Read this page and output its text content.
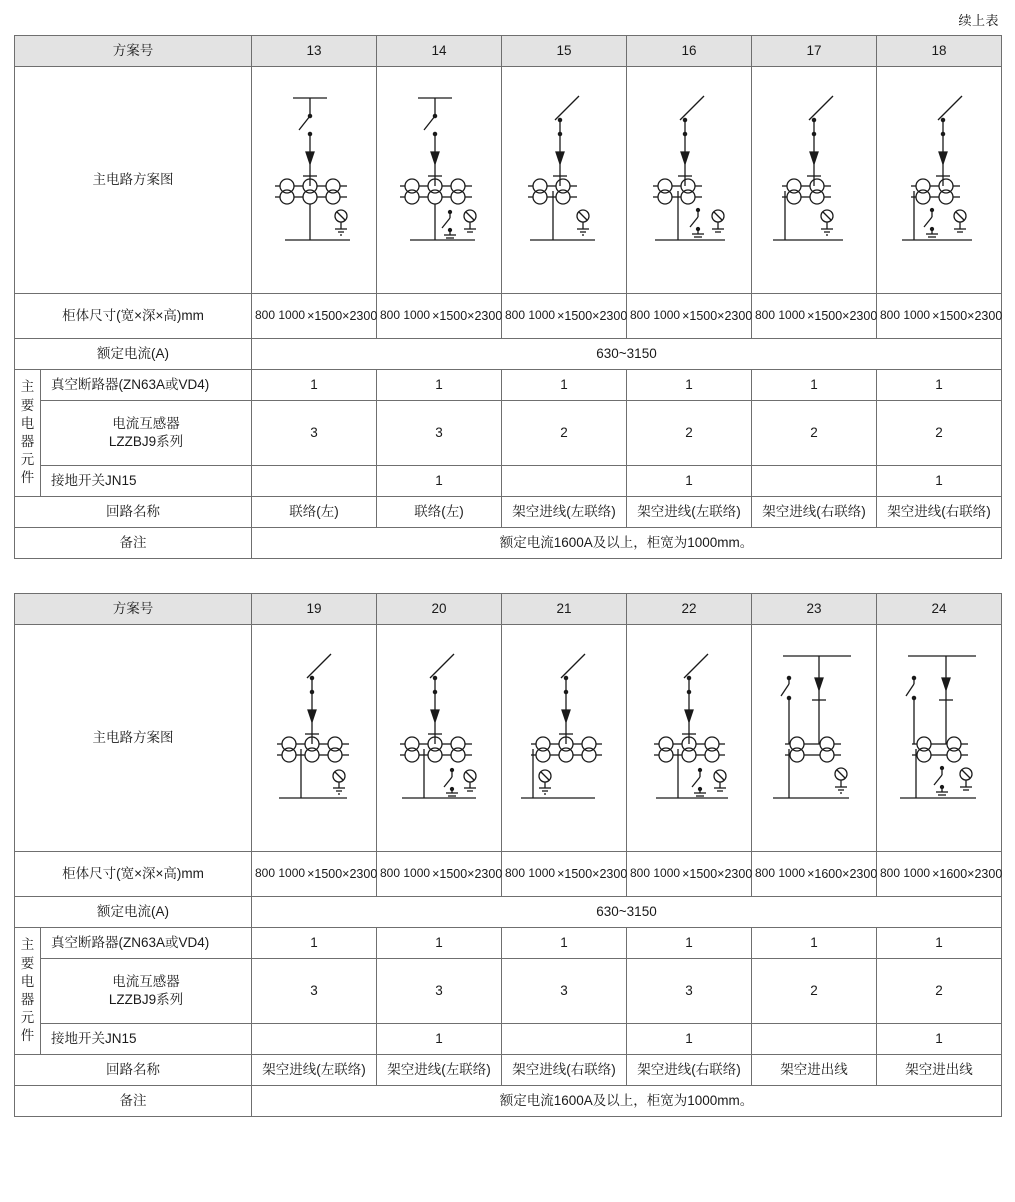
续上表
方案号		13	14	15	16	17	18
主电路方案图	

柜体尺寸(宽×深×高)mm		800 1000 ×1500×2300	800 1000 ×1500×2300	800 1000 ×1500×2300	800 1000 ×1500×2300	800 1000 ×1500×2300	800 1000 ×1500×2300
额定电流(A)		630~3150					

主
要
电
器
元
件
	真空断路器(ZN63A或VD4)	1	1	1	1	1	1

	电流互感器
LZZBJ9系列	3	3	2	2	2	2
	接地开关JN15		1		1		1
回路名称		联络(左)	联络(左)	架空进线(左联络)	架空进线(左联络)	架空进线(右联络)	架空进线(右联络)
备注		额定电流1600A及以上，柜宽为1000mm。					
方案号		19	20	21	22	23	24
主电路方案图	

柜体尺寸(宽×深×高)mm		800 1000 ×1500×2300	800 1000 ×1500×2300	800 1000 ×1500×2300	800 1000 ×1500×2300	800 1000 ×1600×2300	800 1000 ×1600×2300
额定电流(A)		630~3150					

主
要
电
器
元
件
	真空断路器(ZN63A或VD4)	1	1	1	1	1	1

	电流互感器
LZZBJ9系列	3	3	3	3	2	2
	接地开关JN15		1		1		1
回路名称		架空进线(左联络)	架空进线(左联络)	架空进线(右联络)	架空进线(右联络)	架空进出线	架空进出线
备注		额定电流1600A及以上，柜宽为1000mm。					
